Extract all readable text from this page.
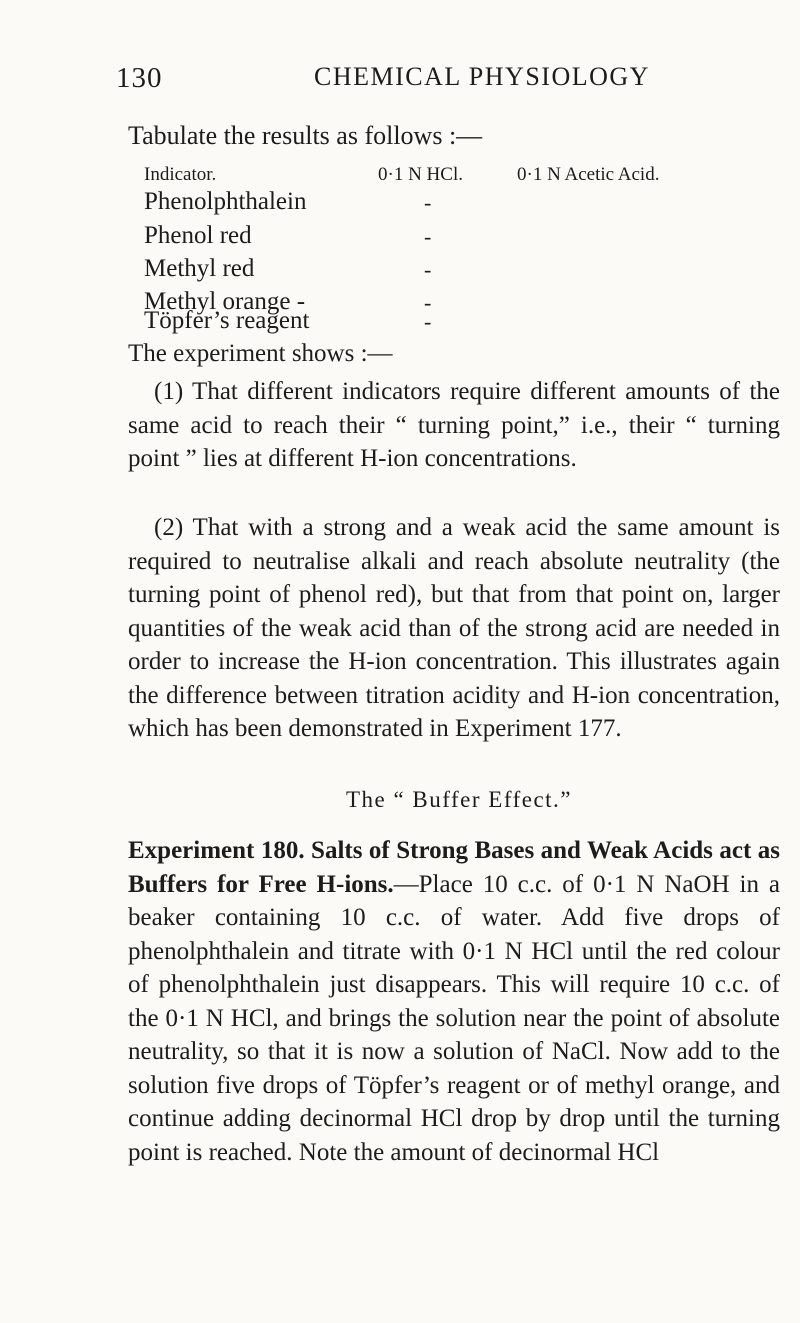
130	CHEMICAL PHYSIOLOGY
Tabulate the results as follows :—
Indicator.	0·1 N HCl.	0·1 N Acetic Acid.
Phenolphthalein	-
Phenol red	-
Methyl red	-
Methyl orange -	-
Töpfer’s reagent	-
The experiment shows :—
(1) That different indicators require different amounts of the same acid to reach their “ turning point,” i.e., their “ turning point ” lies at different H-ion concentrations.
(2) That with a strong and a weak acid the same amount is required to neutralise alkali and reach absolute neutrality (the turning point of phenol red), but that from that point on, larger quantities of the weak acid than of the strong acid are needed in order to increase the H-ion concentration. This illustrates again the difference between titration acidity and H-ion concentration, which has been demonstrated in Experiment 177.
The “ Buffer Effect.”
Experiment 180. Salts of Strong Bases and Weak Acids act as Buffers for Free H-ions.—Place 10 c.c. of 0·1 N NaOH in a beaker containing 10 c.c. of water. Add five drops of phenolphthalein and titrate with 0·1 N HCl until the red colour of phenolphthalein just disappears. This will require 10 c.c. of the 0·1 N HCl, and brings the solution near the point of absolute neutrality, so that it is now a solution of NaCl. Now add to the solution five drops of Töpfer’s reagent or of methyl orange, and continue adding decinormal HCl drop by drop until the turning point is reached. Note the amount of decinormal HCl
